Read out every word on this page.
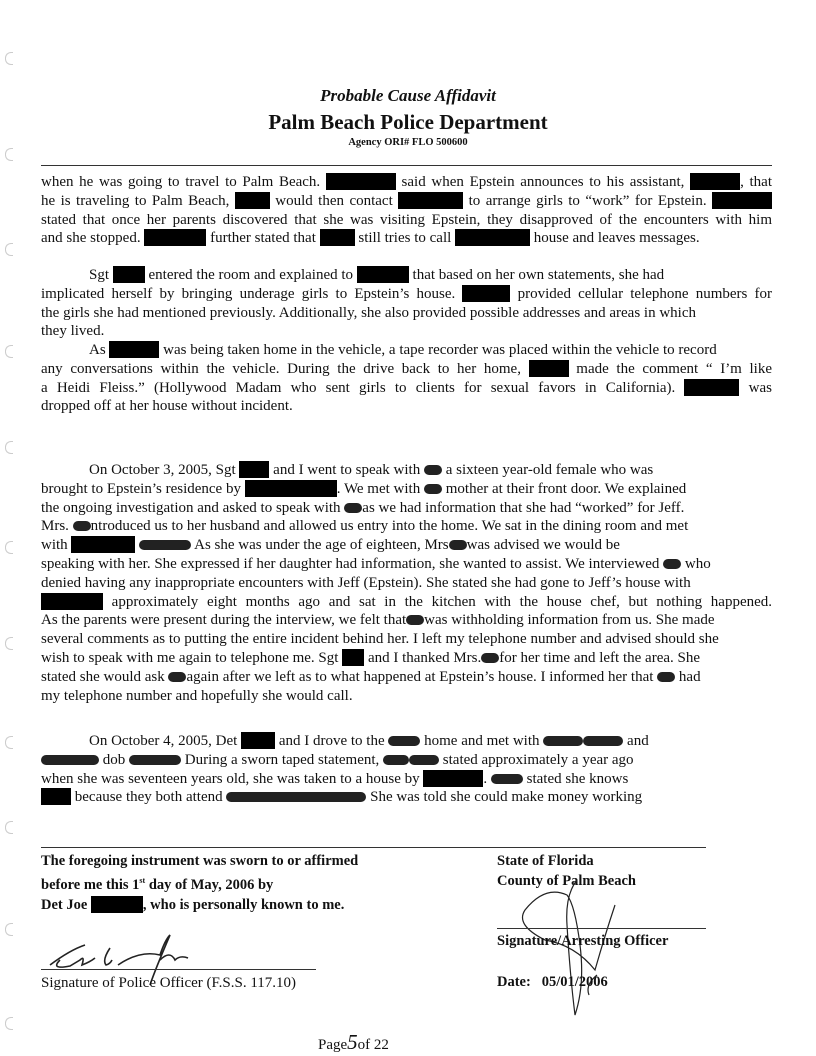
Probable Cause Affidavit
Palm Beach Police Department
Agency ORI# FLO 500600
when he was going to travel to Palm Beach.	said when Epstein announces to his assistant,	, that
he is traveling to Palm Beach,	would then contact	to arrange girls to “work” for Epstein.
stated that once her parents discovered that she was visiting Epstein, they disapproved of the encounters with him
and she stopped.	further stated that	still tries to call	house and leaves messages.
Sgt  entered the room and explained to	that based on her own statements, she had
implicated herself by bringing underage girls to Epstein’s house.	provided cellular telephone numbers for
the girls she had mentioned previously. Additionally, she also provided possible addresses and areas in which
they lived.
As	was being taken home in the vehicle, a tape recorder was placed within the vehicle to record
any conversations within the vehicle. During the drive back to her home,	made the comment “ I’m like
a Heidi Fleiss.” (Hollywood Madam who sent girls to clients for sexual favors in California).	was
dropped off at her house without incident.
On October 3, 2005, Sgt  and I went to speak with  a sixteen year-old female who was
brought to Epstein’s residence by	. We met with  mother at their front door. We explained
the ongoing investigation and asked to speak with as we had information that she had “worked” for Jeff.
Mrs. ntroduced us to her husband and allowed us entry into the home. We sat in the dining room and met
with	As she was under the age of eighteen, Mrs was advised we would be
speaking with her. She expressed if her daughter had information, she wanted to assist. We interviewed  who
denied having any inappropriate encounters with Jeff (Epstein). She stated she had gone to Jeff’s house with
approximately eight months ago and sat in the kitchen with the house chef, but nothing happened.
As the parents were present during the interview, we felt that was withholding information from us. She made
several comments as to putting the entire incident behind her. I left my telephone number and advised should she
wish to speak with me again to telephone me. Sgt  and I thanked Mrs. for her time and left the area. She
stated she would ask again after we left as to what happened at Epstein’s house. I informed her that  had
my telephone number and hopefully she would call.
On October 4, 2005, Det	and I drove to the  home and met with	and
dob	During a sworn taped statement,	stated approximately a year ago
when she was seventeen years old, she was taken to a house by	.  stated she knows
because they both attend	She was told she could make money working
The foregoing instrument was sworn to or affirmed
before me this 1st day of May, 2006 by
Det Joe	, who is personally known to me.
Signature of Police Officer (F.S.S. 117.10)
State of Florida
County of Palm Beach
Signature/Arresting Officer
Date: 05/01/2006
Page5of 22
